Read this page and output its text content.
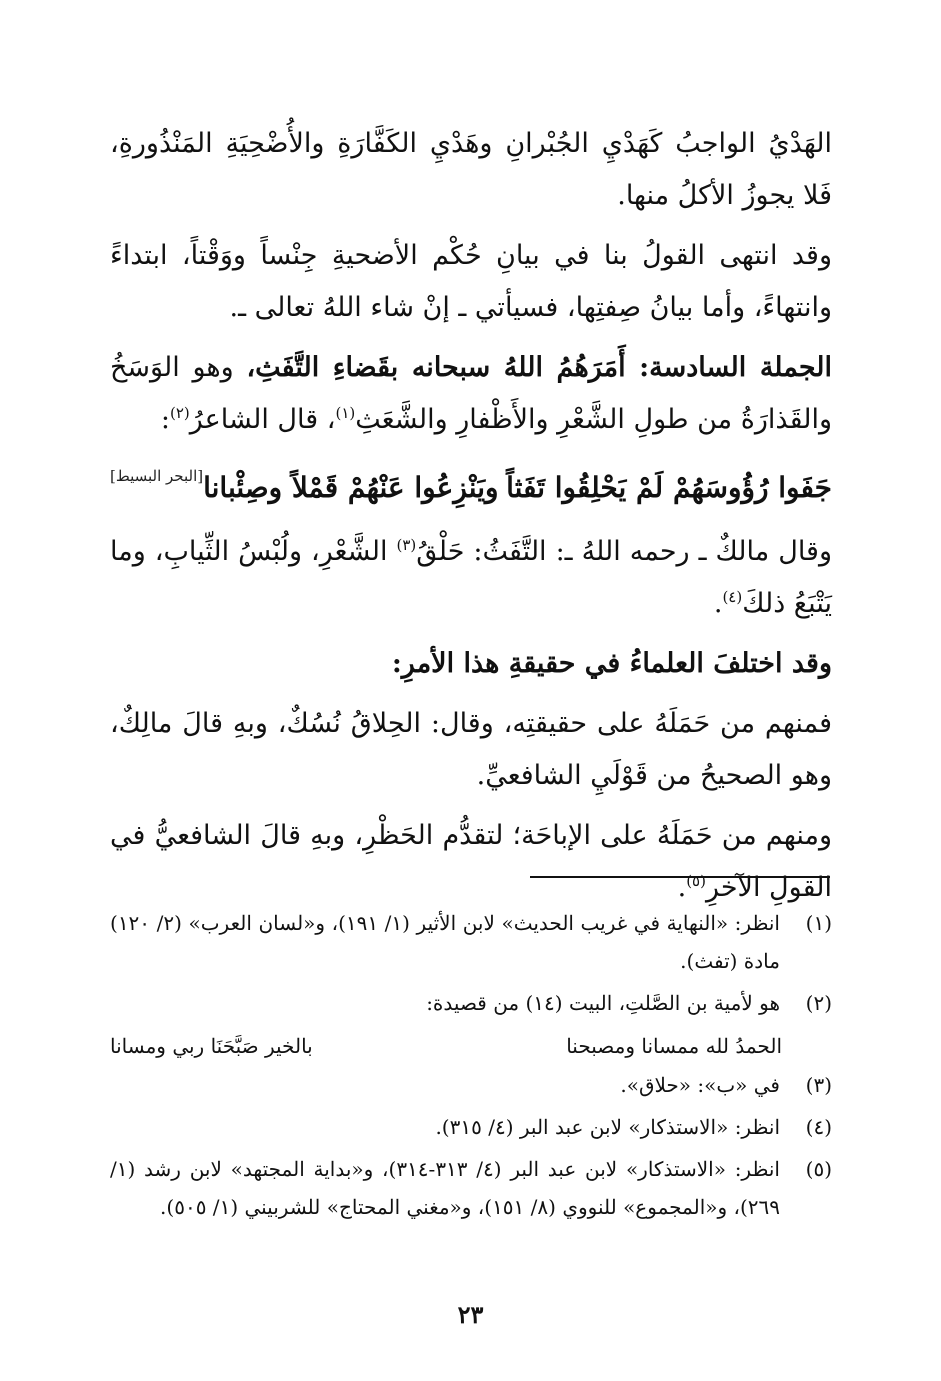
الهَدْيُ الواجبُ كَهَدْيِ الجُبْرانِ وهَدْيِ الكَفَّارَةِ والأُضْحِيَةِ المَنْذُورةِ، فَلا يجوزُ الأكلُ منها.

وقد انتهى القولُ بنا في بيانِ حُكْم الأضحيةِ جِنْساً ووَقْتاً، ابتداءً وانتهاءً، وأما بيانُ صِفتِها، فسيأتي ـ إنْ شاء اللهُ تعالى ـ.

الجملة السادسة: أَمَرَهُمُ اللهُ سبحانه بقَضاءِ التَّفَثِ، وهو الوَسَخُ والقَذارَةُ من طولِ الشَّعْرِ والأَظْفارِ والشَّعَثِ$^{(١)}$، قال الشاعرُ$^{(٢)}$:
[البحر البسيط]	جَفَوا رُؤُوسَهُمْ لَمْ يَحْلِقُوا تَفَثاً
ويَنْزِعُوا عَنْهُمْ قَمْلاً وصِئْبانا

وقال مالكٌ ـ رحمه اللهُ ـ: التَّفَثُ: حَلْقُ$^{(٣)}$ الشَّعْرِ، ولُبْسُ الثِّيابِ، وما يَتْبَعُ ذلكَ$^{(٤)}$.

وقد اختلفَ العلماءُ في حقيقةِ هذا الأمرِ:

فمنهم من حَمَلَهُ على حقيقتِه، وقال: الحِلاقُ نُسُكٌ، وبهِ قالَ مالِكٌ، وهو الصحيحُ من قَوْلَيِ الشافعيِّ.

ومنهم من حَمَلَهُ على الإباحَة؛ لتقدُّم الحَظْرِ، وبهِ قالَ الشافعيُّ في القولِ الآخرِ$^{(٥)}$.

(١)
انظر: «النهاية في غريب الحديث» لابن الأثير (١/ ١٩١)، و«لسان العرب» (٢/ ١٢٠) مادة (تفث).
(٢)
هو لأمية بن الصَّلتِ، البيت (١٤) من قصيدة:
الحمدُ لله ممسانا ومصبحنا
بالخير صَبَّحَنَا ربي ومسانا
(٣)
في «ب»: «حلاق».
(٤)
انظر: «الاستذكار» لابن عبد البر (٤/ ٣١٥).
(٥)
انظر: «الاستذكار» لابن عبد البر (٤/ ٣١٣-٣١٤)، و«بداية المجتهد» لابن رشد (١/ ٢٦٩)، و«المجموع» للنووي (٨/ ١٥١)، و«مغني المحتاج» للشربيني (١/ ٥٠٥).
٢٣
